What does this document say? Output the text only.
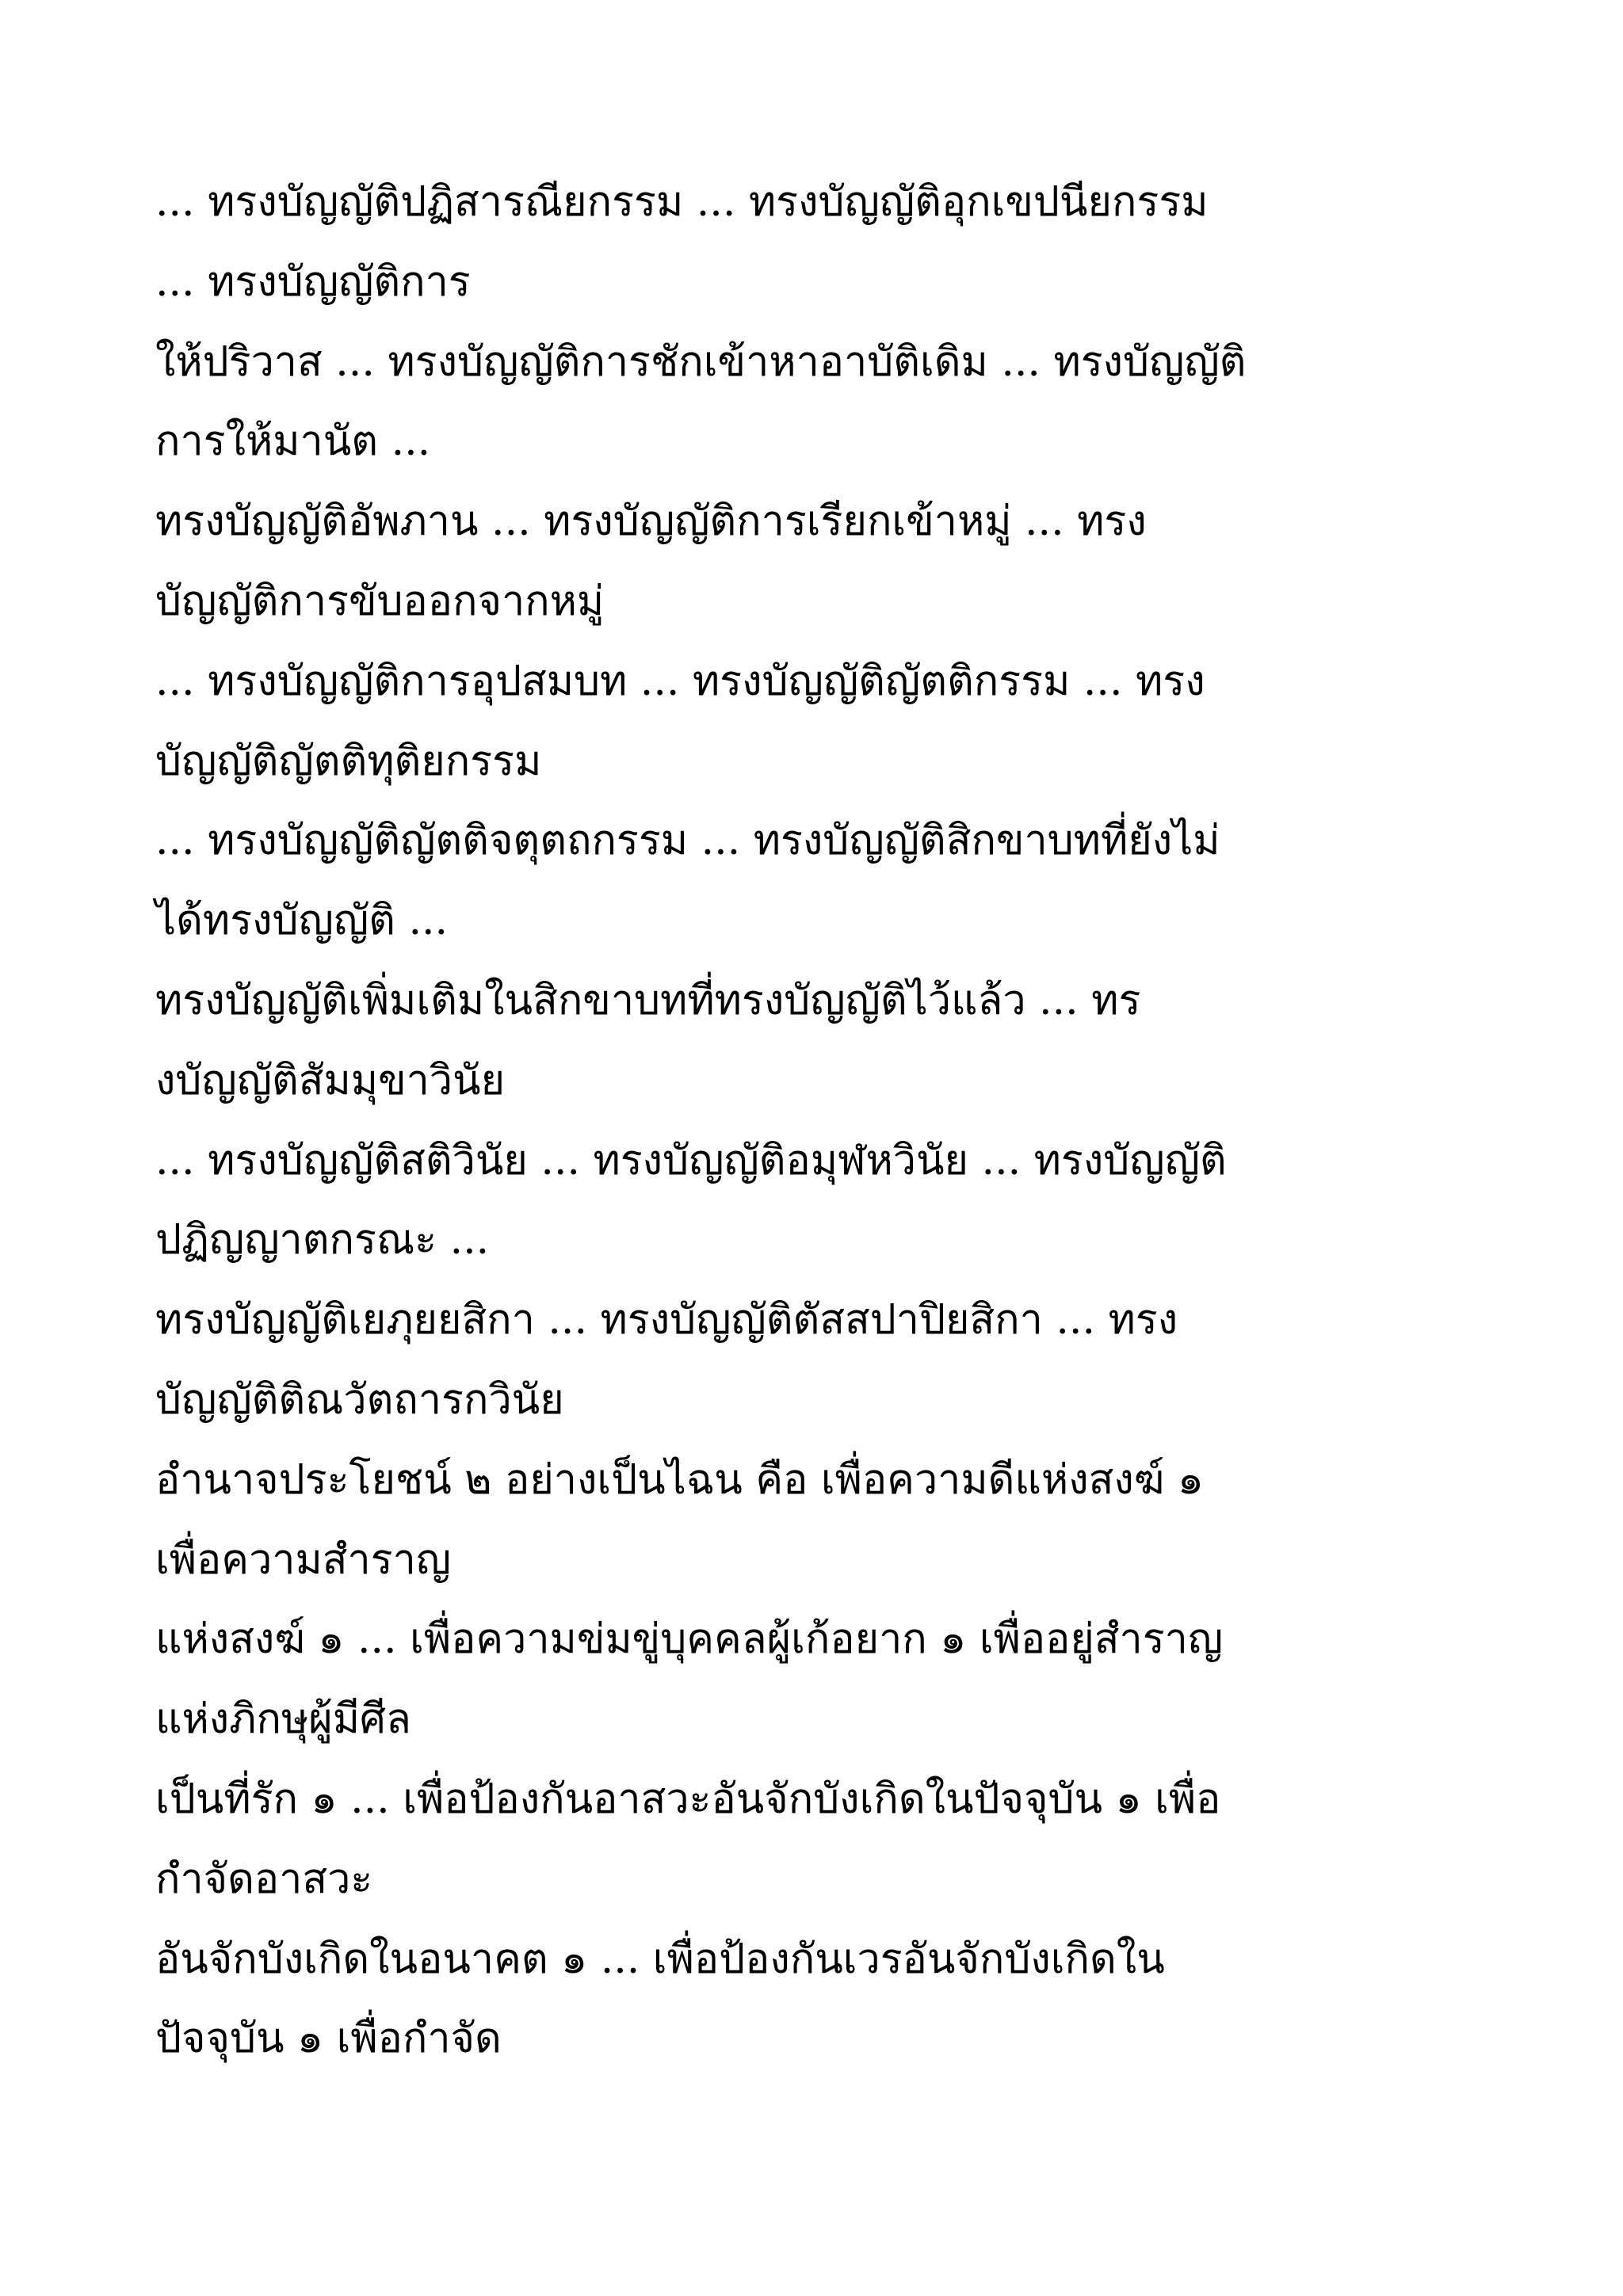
... ทรงบัญญัติปฏิสารณียกรรม ... ทรงบัญญัติอุกเขปนียกรรม
... ทรงบัญญัติการ
ให้ปริวาส ... ทรงบัญญัติการชักเข้าหาอาบัติเดิม ... ทรงบัญญัติ
การให้มานัต ...
ทรงบัญญัติอัพภาน ... ทรงบัญญัติการเรียกเข้าหมู่ ... ทรง
บัญญัติการขับออกจากหมู่
... ทรงบัญญัติการอุปสมบท ... ทรงบัญญัติญัตติกรรม ... ทรง
บัญญัติญัตติทุติยกรรม
... ทรงบัญญัติญัตติจตุตถกรรม ... ทรงบัญญัติสิกขาบทที่ยังไม่
ได้ทรงบัญญัติ ...
ทรงบัญญัติเพิ่มเติมในสิกขาบทที่ทรงบัญญัติไว้แล้ว ... ทร
งบัญญัติสัมมุขาวินัย
... ทรงบัญญัติสติวินัย ... ทรงบัญญัติอมุฬหวินัย ... ทรงบัญญัติ
ปฏิญญาตกรณะ ...
ทรงบัญญัติเยภุยยสิกา ... ทรงบัญญัติตัสสปาปิยสิกา ... ทรง
บัญญัติติณวัตถารกวินัย
อำนาจประโยชน์ ๒ อย่างเป็นไฉน คือ เพื่อความดีแห่งสงฆ์ ๑
เพื่อความสำราญ
แห่งสงฆ์ ๑ ... เพื่อความข่มขู่บุคคลผู้เก้อยาก ๑ เพื่ออยู่สำราญ
แห่งภิกษุผู้มีศีล
เป็นที่รัก ๑ ... เพื่อป้องกันอาสวะอันจักบังเกิดในปัจจุบัน ๑ เพื่อ
กำจัดอาสวะ
อันจักบังเกิดในอนาคต ๑ ... เพื่อป้องกันเวรอันจักบังเกิดใน
ปัจจุบัน ๑ เพื่อกำจัด
